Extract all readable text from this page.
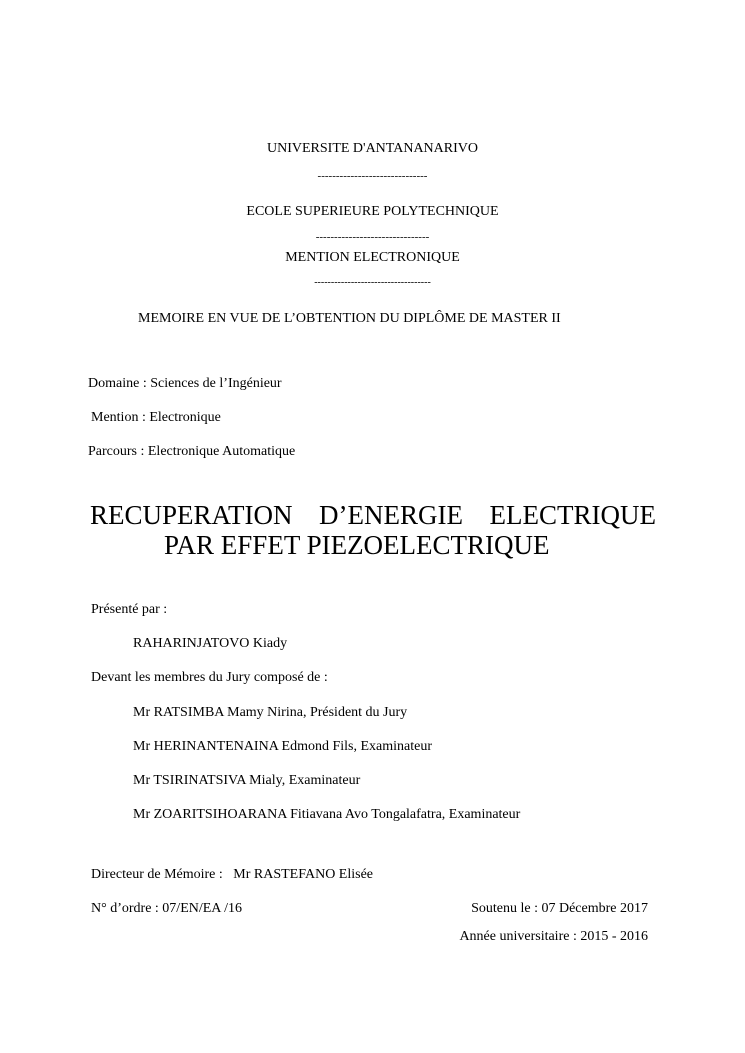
UNIVERSITE D'ANTANANARIVO
------------------------------
ECOLE SUPERIEURE POLYTECHNIQUE
-------------------------------
MENTION ELECTRONIQUE
-----------------------------------
MEMOIRE EN VUE DE L’OBTENTION DU DIPLÔME DE MASTER II
Domaine : Sciences de l’Ingénieur
Mention : Electronique
Parcours : Electronique Automatique
RECUPERATION D’ENERGIE ELECTRIQUE
PAR EFFET PIEZOELECTRIQUE
Présenté par :
RAHARINJATOVO Kiady
Devant les membres du Jury composé de :
Mr RATSIMBA Mamy Nirina, Président du Jury
Mr HERINANTENAINA Edmond Fils, Examinateur
Mr TSIRINATSIVA Mialy, Examinateur
Mr ZOARITSIHOARANA Fitiavana Avo Tongalafatra, Examinateur
Directeur de Mémoire :   Mr RASTEFANO Elisée
N° d’ordre : 07/EN/EA /16	Soutenu le : 07 Décembre 2017
Année universitaire : 2015 - 2016
